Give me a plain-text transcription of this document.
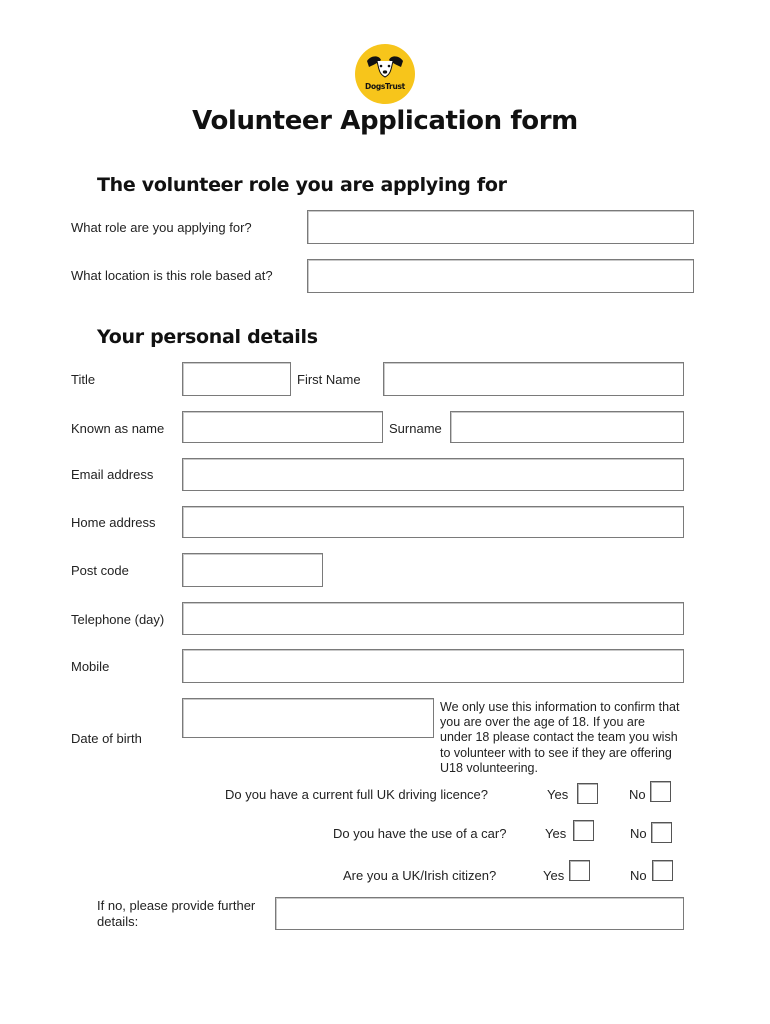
DogsTrust
Volunteer Application form
The volunteer role you are applying for
What role are you applying for?
What location is this role based at?
Your personal details
Title	First Name
Known as name	Surname
Email address
Home address
Post code
Telephone (day)
Mobile
Date of birth
We only use this information to confirm that you are over the age of 18. If you are under 18 please contact the team you wish to volunteer with to see if they are offering U18 volunteering.
Do you have a current full UK driving licence?	Yes	No
Do you have the use of a car?	Yes	No
Are you a UK/Irish citizen?	Yes	No
If no, please provide further details:
